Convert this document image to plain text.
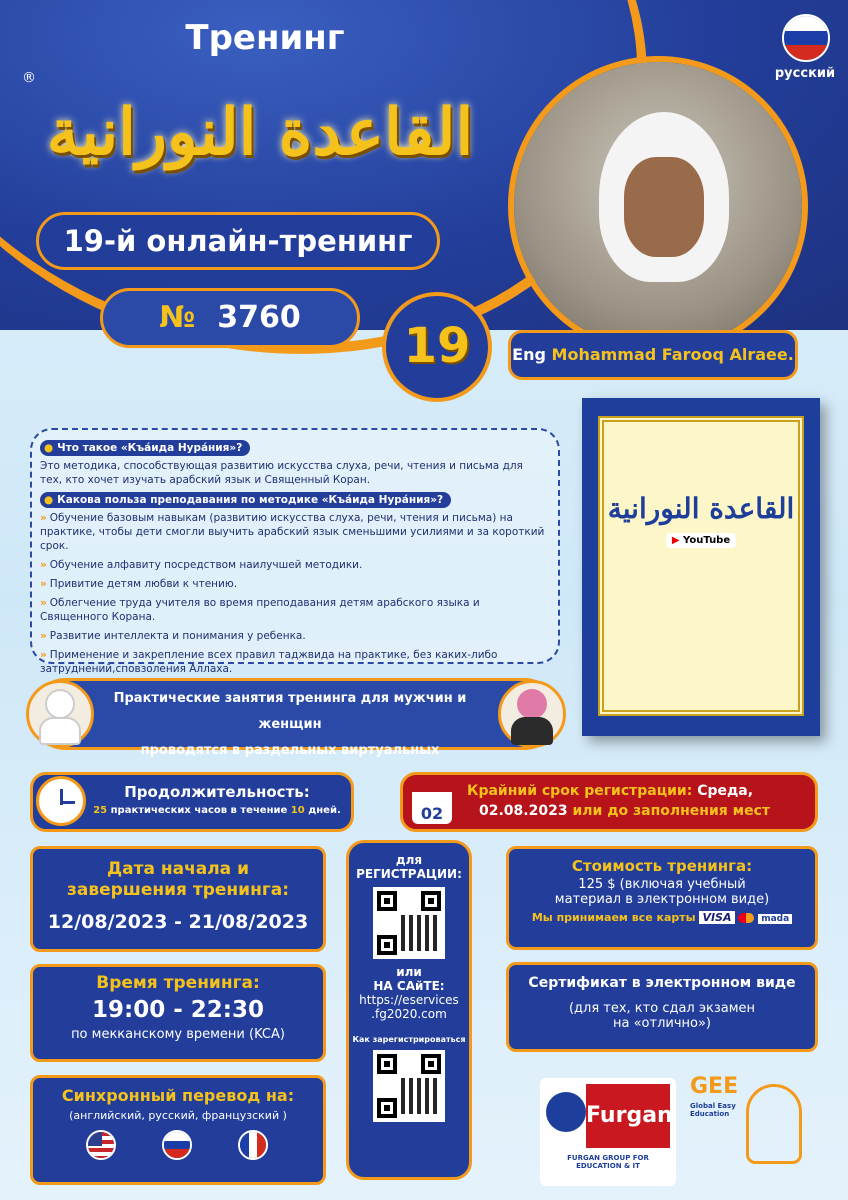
Тренинг
®
القاعدة النورانية
русский
19-й онлайн-тренинг
№ 3760
19	Eng Mohammad Farooq Alraee.
● Что такое «Къа́ида Нура́ния»?

Это методика, способствующая развитию искусства слуха, речи, чтения и письма для тех, кто хочет изучать арабский язык и Священный Коран.

● Какова польза преподавания по методике «Къа́ида Нура́ния»?
» Обучение базовым навыкам (развитию искусства слуха, речи, чтения и письма) на практике, чтобы дети смогли выучить арабский язык сменьшими усилиями и за короткий срок.
» Обучение алфавиту посредством наилучшей методики.
» Привитие детям любви к чтению.
» Облегчение труда учителя во время преподавания детям арабского языка и Священного Корана.
» Развитие интеллекта и понимания у ребенка.
» Применение и закрепление всех правил таджвида на практике, без каких-либо затруднений,сповзоления Аллаха.
القاعدة النورانية
▶ YouTube
Практические занятия тренинга для мужчин и женщин
проводятся в раздельных виртуальных
Продолжительность:
25 практических часов в течение 10 дней.
Крайний срок регистрации: Среда,
02.08.2023 или до заполнения мест
02
Дата начала и завершения тренинга:
12/08/2023 - 21/08/2023
Время тренинга:
19:00 - 22:30
по мекканскому времени (KCA)
Синхронный перевод на:
(английский, русский, французский )
для
РЕГИСТРАЦИИ:
или
НА САйТЕ:
https://eservices
.fg2020.com
Как зарегистрироваться
Стоимость тренинга:
125 $ (включая учебный
материал в электронном виде)
Мы принимаем все карты VISA	mada
Сертификат в электронном виде
(для тех, кто сдал экзамен
на «отлично»)
Furgan
FURGAN GROUP FOR EDUCATION & IT
GEE
Global Easy Education
